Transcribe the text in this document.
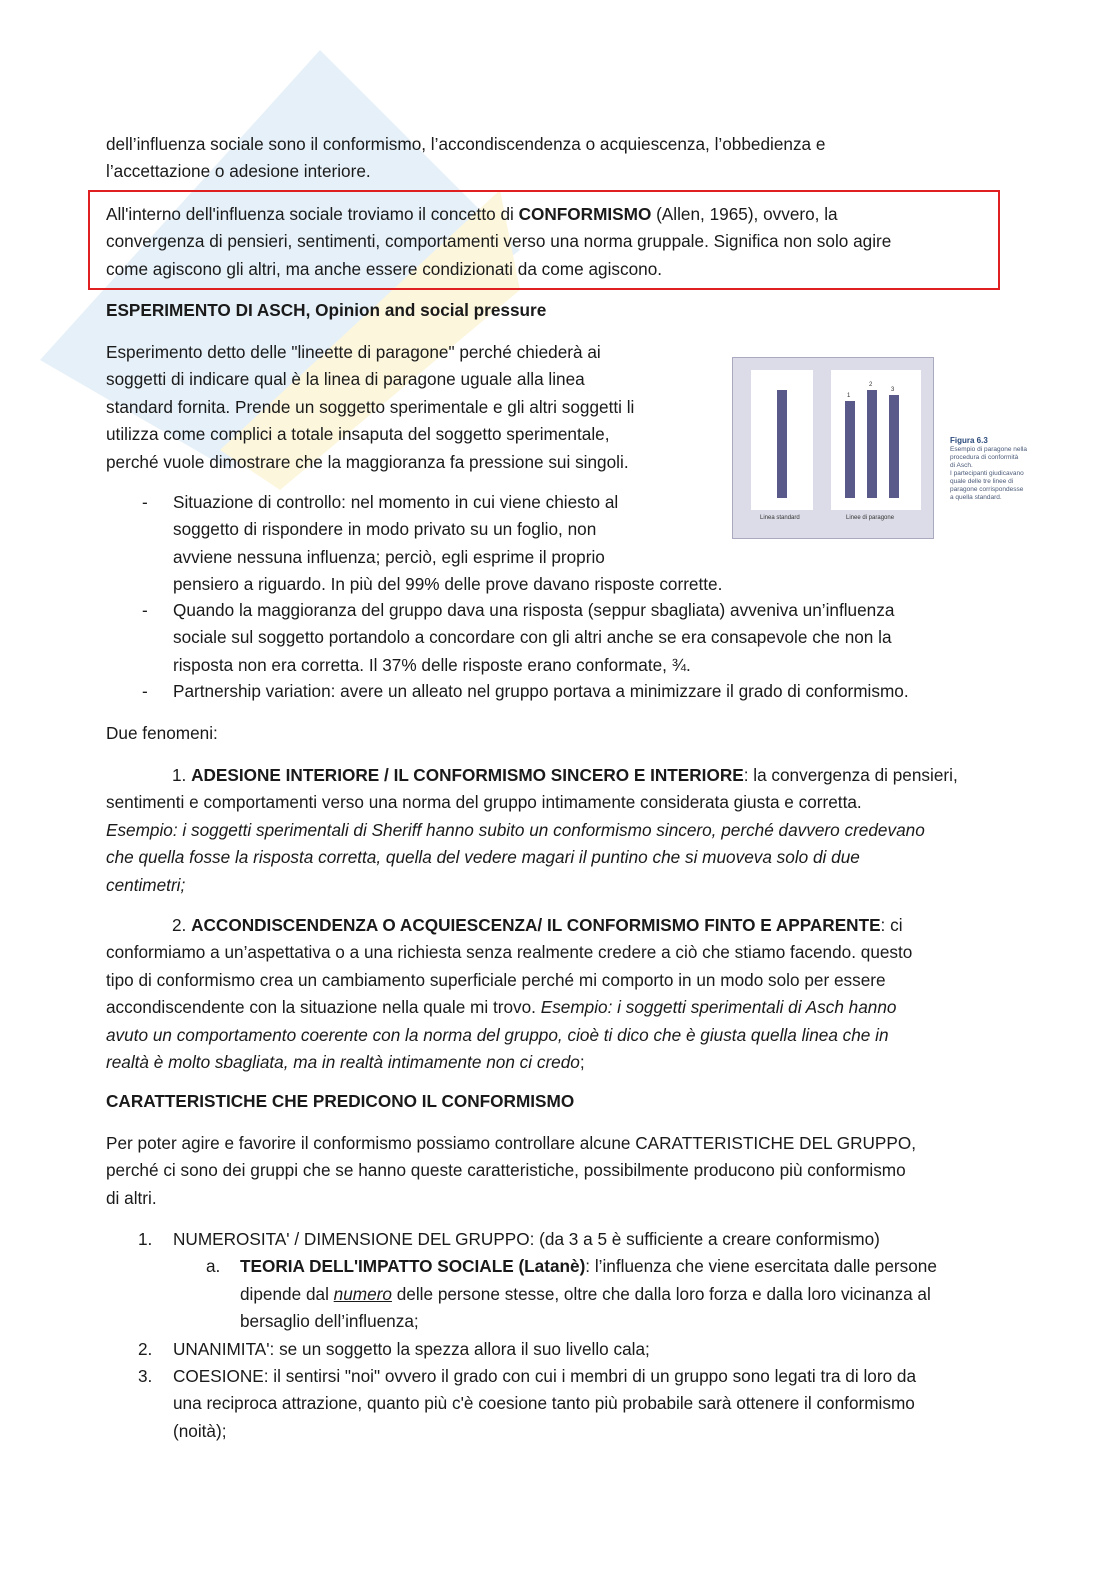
dell’influenza sociale sono il conformismo, l’accondiscendenza o acquiescenza, l’obbedienza e

l’accettazione o adesione interiore.

All'interno dell'influenza sociale troviamo il concetto di CONFORMISMO (Allen, 1965), ovvero, la

convergenza di pensieri, sentimenti, comportamenti verso una norma gruppale. Significa non solo agire

come agiscono gli altri, ma anche essere condizionati da come agiscono.

ESPERIMENTO DI ASCH, Opinion and social pressure

Esperimento detto delle "lineette di paragone" perché chiederà ai

soggetti di indicare qual è la linea di paragone uguale alla linea

standard fornita. Prende un soggetto sperimentale e gli altri soggetti li

utilizza come complici a totale insaputa del soggetto sperimentale,

perché vuole dimostrare che la maggioranza fa pressione sui singoli.

1
2
3
Linea standard	Linee di paragone
Figura 6.3
Esempio di paragone nella
procedura di conformità
di Asch.
I partecipanti giudicavano
quale delle tre linee di
paragone corrispondesse
a quella standard.
- Situazione di controllo: nel momento in cui viene chiesto al

soggetto di rispondere in modo privato su un foglio, non

avviene nessuna influenza; perciò, egli esprime il proprio

pensiero a riguardo. In più del 99% delle prove davano risposte corrette.

- Quando la maggioranza del gruppo dava una risposta (seppur sbagliata) avveniva un’influenza

sociale sul soggetto portandolo a concordare con gli altri anche se era consapevole che non la

risposta non era corretta. Il 37% delle risposte erano conformate, ¾.

- Partnership variation: avere un alleato nel gruppo portava a minimizzare il grado di conformismo.

Due fenomeni:

1. ADESIONE INTERIORE / IL CONFORMISMO SINCERO E INTERIORE: la convergenza di pensieri,

sentimenti e comportamenti verso una norma del gruppo intimamente considerata giusta e corretta.

Esempio: i soggetti sperimentali di Sheriff hanno subito un conformismo sincero, perché davvero credevano

che quella fosse la risposta corretta, quella del vedere magari il puntino che si muoveva solo di due

centimetri;

2. ACCONDISCENDENZA O ACQUIESCENZA/ IL CONFORMISMO FINTO E APPARENTE: ci

conformiamo a un’aspettativa o a una richiesta senza realmente credere a ciò che stiamo facendo. questo

tipo di conformismo crea un cambiamento superficiale perché mi comporto in un modo solo per essere

accondiscendente con la situazione nella quale mi trovo. Esempio: i soggetti sperimentali di Asch hanno

avuto un comportamento coerente con la norma del gruppo, cioè ti dico che è giusta quella linea che in

realtà è molto sbagliata, ma in realtà intimamente non ci credo;

CARATTERISTICHE CHE PREDICONO IL CONFORMISMO

Per poter agire e favorire il conformismo possiamo controllare alcune CARATTERISTICHE DEL GRUPPO,

perché ci sono dei gruppi che se hanno queste caratteristiche, possibilmente producono più conformismo

di altri.

1. NUMEROSITA' / DIMENSIONE DEL GRUPPO: (da 3 a 5 è sufficiente a creare conformismo)
a. TEORIA DELL'IMPATTO SOCIALE (Latanè): l’influenza che viene esercitata dalle persone

dipende dal numero delle persone stesse, oltre che dalla loro forza e dalla loro vicinanza al

bersaglio dell’influenza;

2. UNANIMITA': se un soggetto la spezza allora il suo livello cala;
3. COESIONE: il sentirsi "noi" ovvero il grado con cui i membri di un gruppo sono legati tra di loro da

una reciproca attrazione, quanto più c'è coesione tanto più probabile sarà ottenere il conformismo

(noità);
